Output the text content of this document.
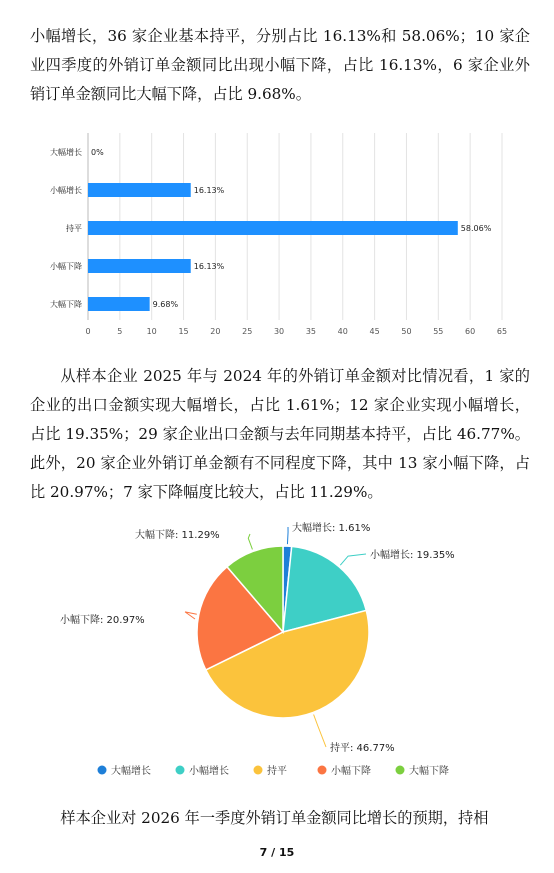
小幅增长，36 家企业基本持平，分别占比 16.13%和 58.06%；10 家企业四季度的外销订单金额同比出现小幅下降，占比 16.13%，6 家企业外销订单金额同比大幅下降，占比 9.68%。

0	5	10	15	20	25	30	35	40	45	50	55	60	65
大幅增长 0%
小幅增长	16.13%
持平	58.06%
小幅下降	16.13%
大幅下降	9.68%

从样本企业 2025 年与 2024 年的外销订单金额对比情况看，1 家的企业的出口金额实现大幅增长，占比 1.61%；12 家企业实现小幅增长，占比 19.35%；29 家企业出口金额与去年同期基本持平，占比 46.77%。此外，20 家企业外销订单金额有不同程度下降，其中 13 家小幅下降，占比 20.97%；7 家下降幅度比较大，占比 11.29%。

大幅增长: 1.61%
小幅增长: 19.35%
持平: 46.77%
小幅下降: 20.97%
大幅下降: 11.29%
大幅增长	小幅增长	持平	小幅下降	大幅下降

样本企业对 2026 年一季度外销订单金额同比增长的预期，持相

7 / 15
